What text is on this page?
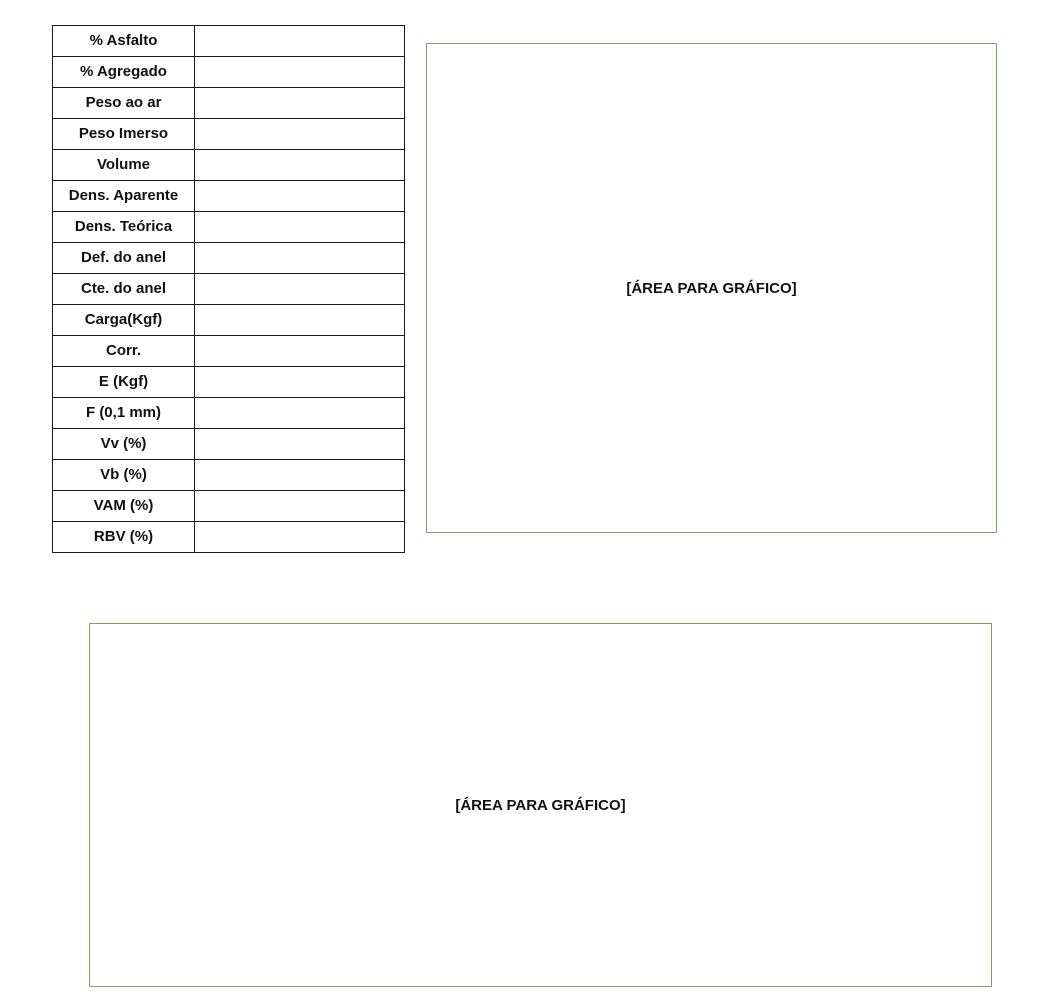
% Asfalto	
% Agregado	
Peso ao ar	
Peso Imerso	
Volume	
Dens. Aparente	
Dens. Teórica	
Def. do anel	
Cte. do anel	
Carga(Kgf)	
Corr.	
E (Kgf)	
F (0,1 mm)	
Vv (%)	
Vb (%)	
VAM (%)	
RBV (%)	
[ÁREA PARA GRÁFICO]
[ÁREA PARA GRÁFICO]
